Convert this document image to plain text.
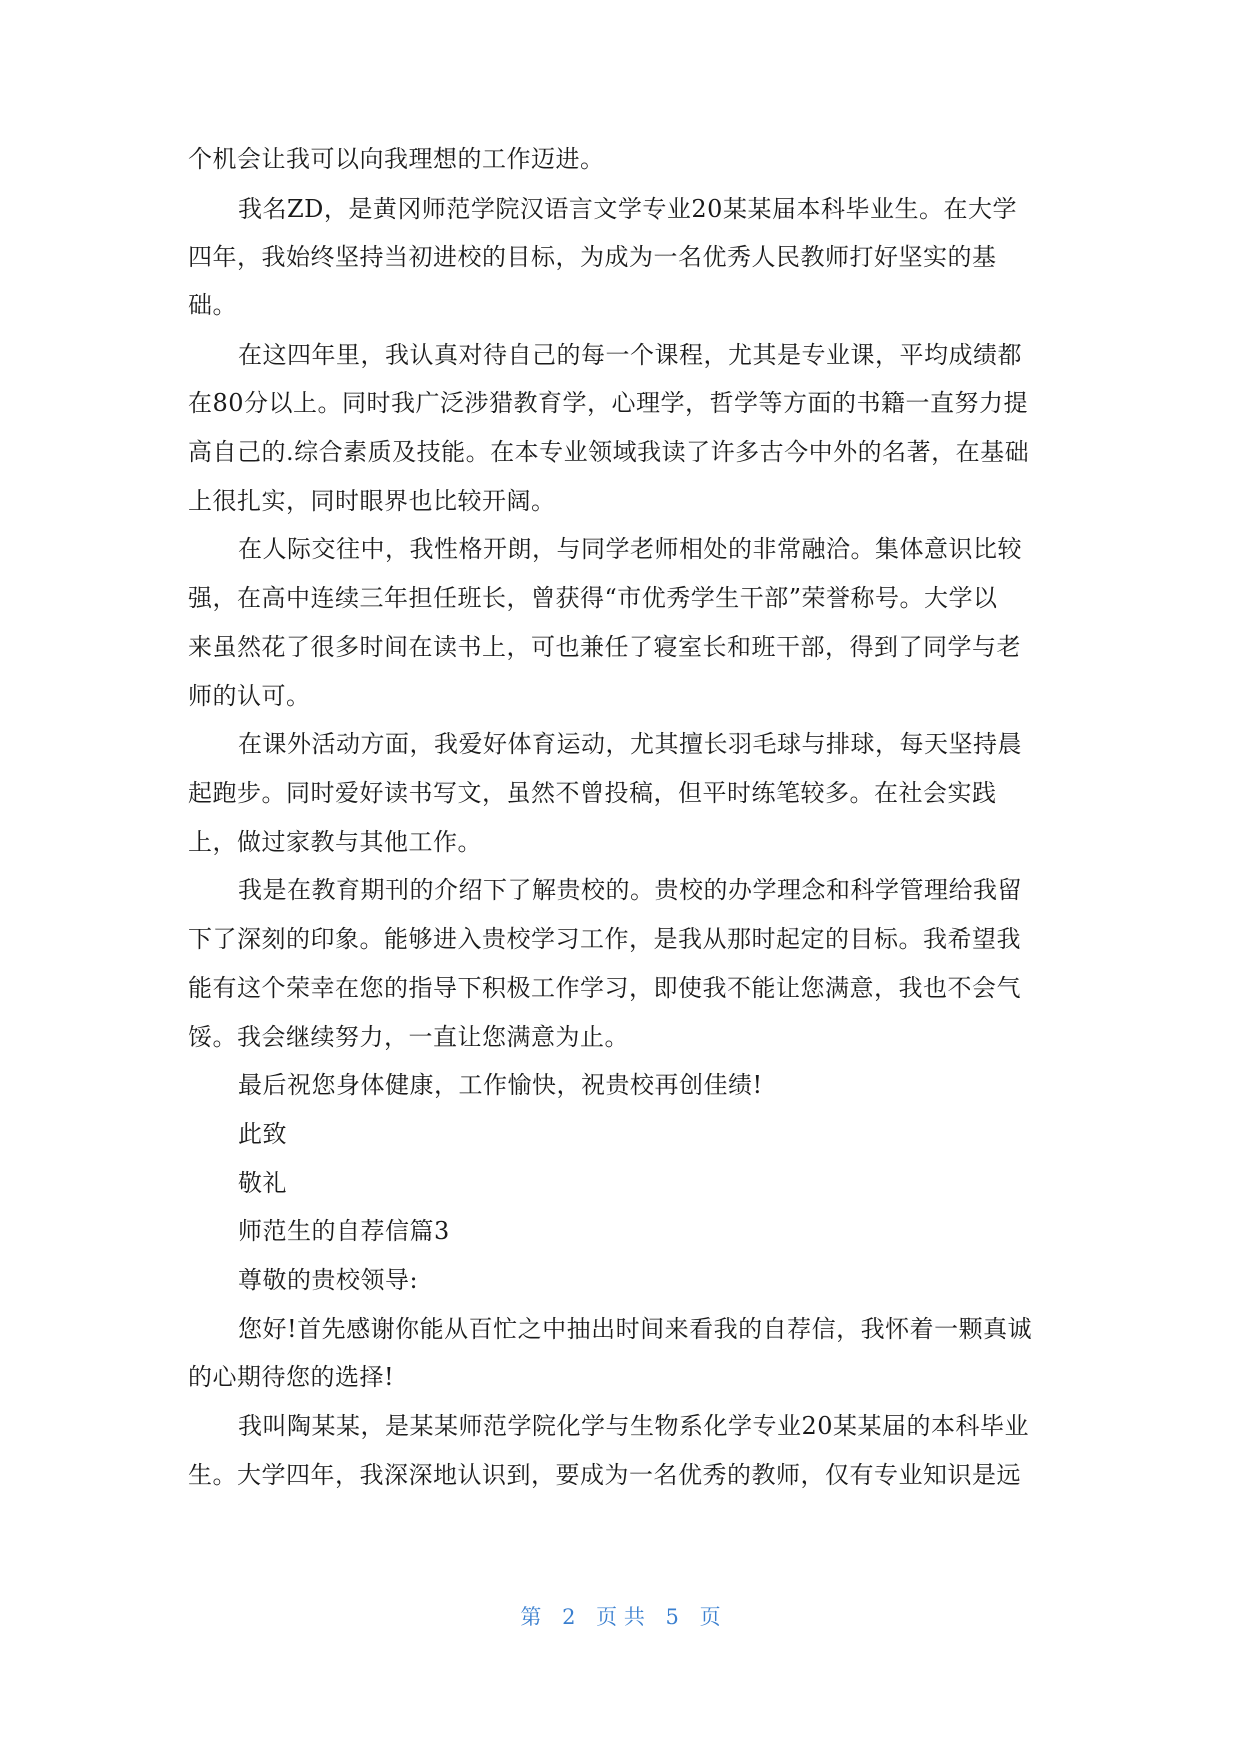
个机会让我可以向我理想的工作迈进。
我名ZD，是黄冈师范学院汉语言文学专业20某某届本科毕业生。在大学
四年，我始终坚持当初进校的目标，为成为一名优秀人民教师打好坚实的基
础。
在这四年里，我认真对待自己的每一个课程，尤其是专业课，平均成绩都
在80分以上。同时我广泛涉猎教育学，心理学，哲学等方面的书籍一直努力提
高自己的.综合素质及技能。在本专业领域我读了许多古今中外的名著，在基础
上很扎实，同时眼界也比较开阔。
在人际交往中，我性格开朗，与同学老师相处的非常融洽。集体意识比较
强，在高中连续三年担任班长，曾获得“市优秀学生干部”荣誉称号。大学以
来虽然花了很多时间在读书上，可也兼任了寝室长和班干部，得到了同学与老
师的认可。
在课外活动方面，我爱好体育运动，尤其擅长羽毛球与排球，每天坚持晨
起跑步。同时爱好读书写文，虽然不曾投稿，但平时练笔较多。在社会实践
上，做过家教与其他工作。
我是在教育期刊的介绍下了解贵校的。贵校的办学理念和科学管理给我留
下了深刻的印象。能够进入贵校学习工作，是我从那时起定的目标。我希望我
能有这个荣幸在您的指导下积极工作学习，即使我不能让您满意，我也不会气
馁。我会继续努力，一直让您满意为止。
最后祝您身体健康，工作愉快，祝贵校再创佳绩!
此致
敬礼
师范生的自荐信篇3
尊敬的贵校领导:
您好!首先感谢你能从百忙之中抽出时间来看我的自荐信，我怀着一颗真诚
的心期待您的选择!
我叫陶某某，是某某师范学院化学与生物系化学专业20某某届的本科毕业
生。大学四年，我深深地认识到，要成为一名优秀的教师，仅有专业知识是远
第 2 页 共 5 页
